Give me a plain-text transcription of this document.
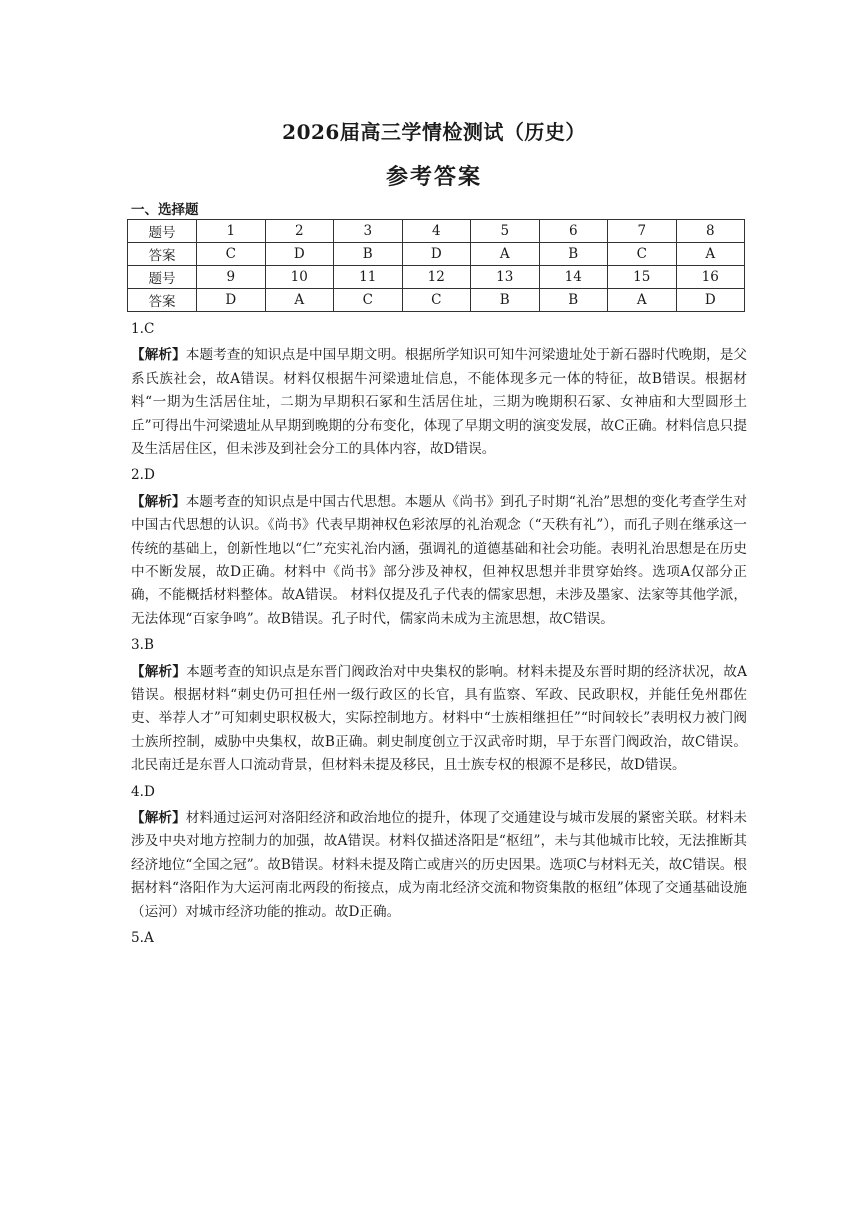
2026届高三学情检测试（历史）
参考答案
一、选择题
题号	1	2	3	4	5	6	7	8
答案	C	D	B	D	A	B	C	A
题号	9	10	11	12	13	14	15	16
答案	D	A	C	C	B	B	A	D
1.C
【解析】本题考查的知识点是中国早期文明。根据所学知识可知牛河梁遗址处于新石器时代晚期，是父系氏族社会，故A错误。材料仅根据牛河梁遗址信息，不能体现多元一体的特征，故B错误。根据材料“一期为生活居住址，二期为早期积石冢和生活居住址，三期为晚期积石冢、女神庙和大型圆形土丘”可得出牛河梁遗址从早期到晚期的分布变化，体现了早期文明的演变发展，故C正确。材料信息只提及生活居住区，但未涉及到社会分工的具体内容，故D错误。
2.D
【解析】本题考查的知识点是中国古代思想。本题从《尚书》到孔子时期“礼治”思想的变化考查学生对中国古代思想的认识。《尚书》代表早期神权色彩浓厚的礼治观念（“天秩有礼”），而孔子则在继承这一传统的基础上，创新性地以“仁”充实礼治内涵，强调礼的道德基础和社会功能。表明礼治思想是在历史中不断发展，故D正确。材料中《尚书》部分涉及神权，但神权思想并非贯穿始终。选项A仅部分正确，不能概括材料整体。故A错误。 材料仅提及孔子代表的儒家思想，未涉及墨家、法家等其他学派，无法体现“百家争鸣”。故B错误。孔子时代，儒家尚未成为主流思想，故C错误。
3.B
【解析】本题考查的知识点是东晋门阀政治对中央集权的影响。材料未提及东晋时期的经济状况，故A错误。根据材料“刺史仍可担任州一级行政区的长官，具有监察、军政、民政职权，并能任免州郡佐吏、举荐人才”可知刺史职权极大，实际控制地方。材料中“士族相继担任”“时间较长”表明权力被门阀士族所控制，威胁中央集权，故B正确。刺史制度创立于汉武帝时期，早于东晋门阀政治，故C错误。北民南迁是东晋人口流动背景，但材料未提及移民，且士族专权的根源不是移民，故D错误。
4.D
【解析】材料通过运河对洛阳经济和政治地位的提升，体现了交通建设与城市发展的紧密关联。材料未涉及中央对地方控制力的加强，故A错误。材料仅描述洛阳是“枢纽”，未与其他城市比较，无法推断其经济地位“全国之冠”。故B错误。材料未提及隋亡或唐兴的历史因果。选项C与材料无关，故C错误。根据材料“洛阳作为大运河南北两段的衔接点，成为南北经济交流和物资集散的枢纽”体现了交通基础设施（运河）对城市经济功能的推动。故D正确。
5.A
